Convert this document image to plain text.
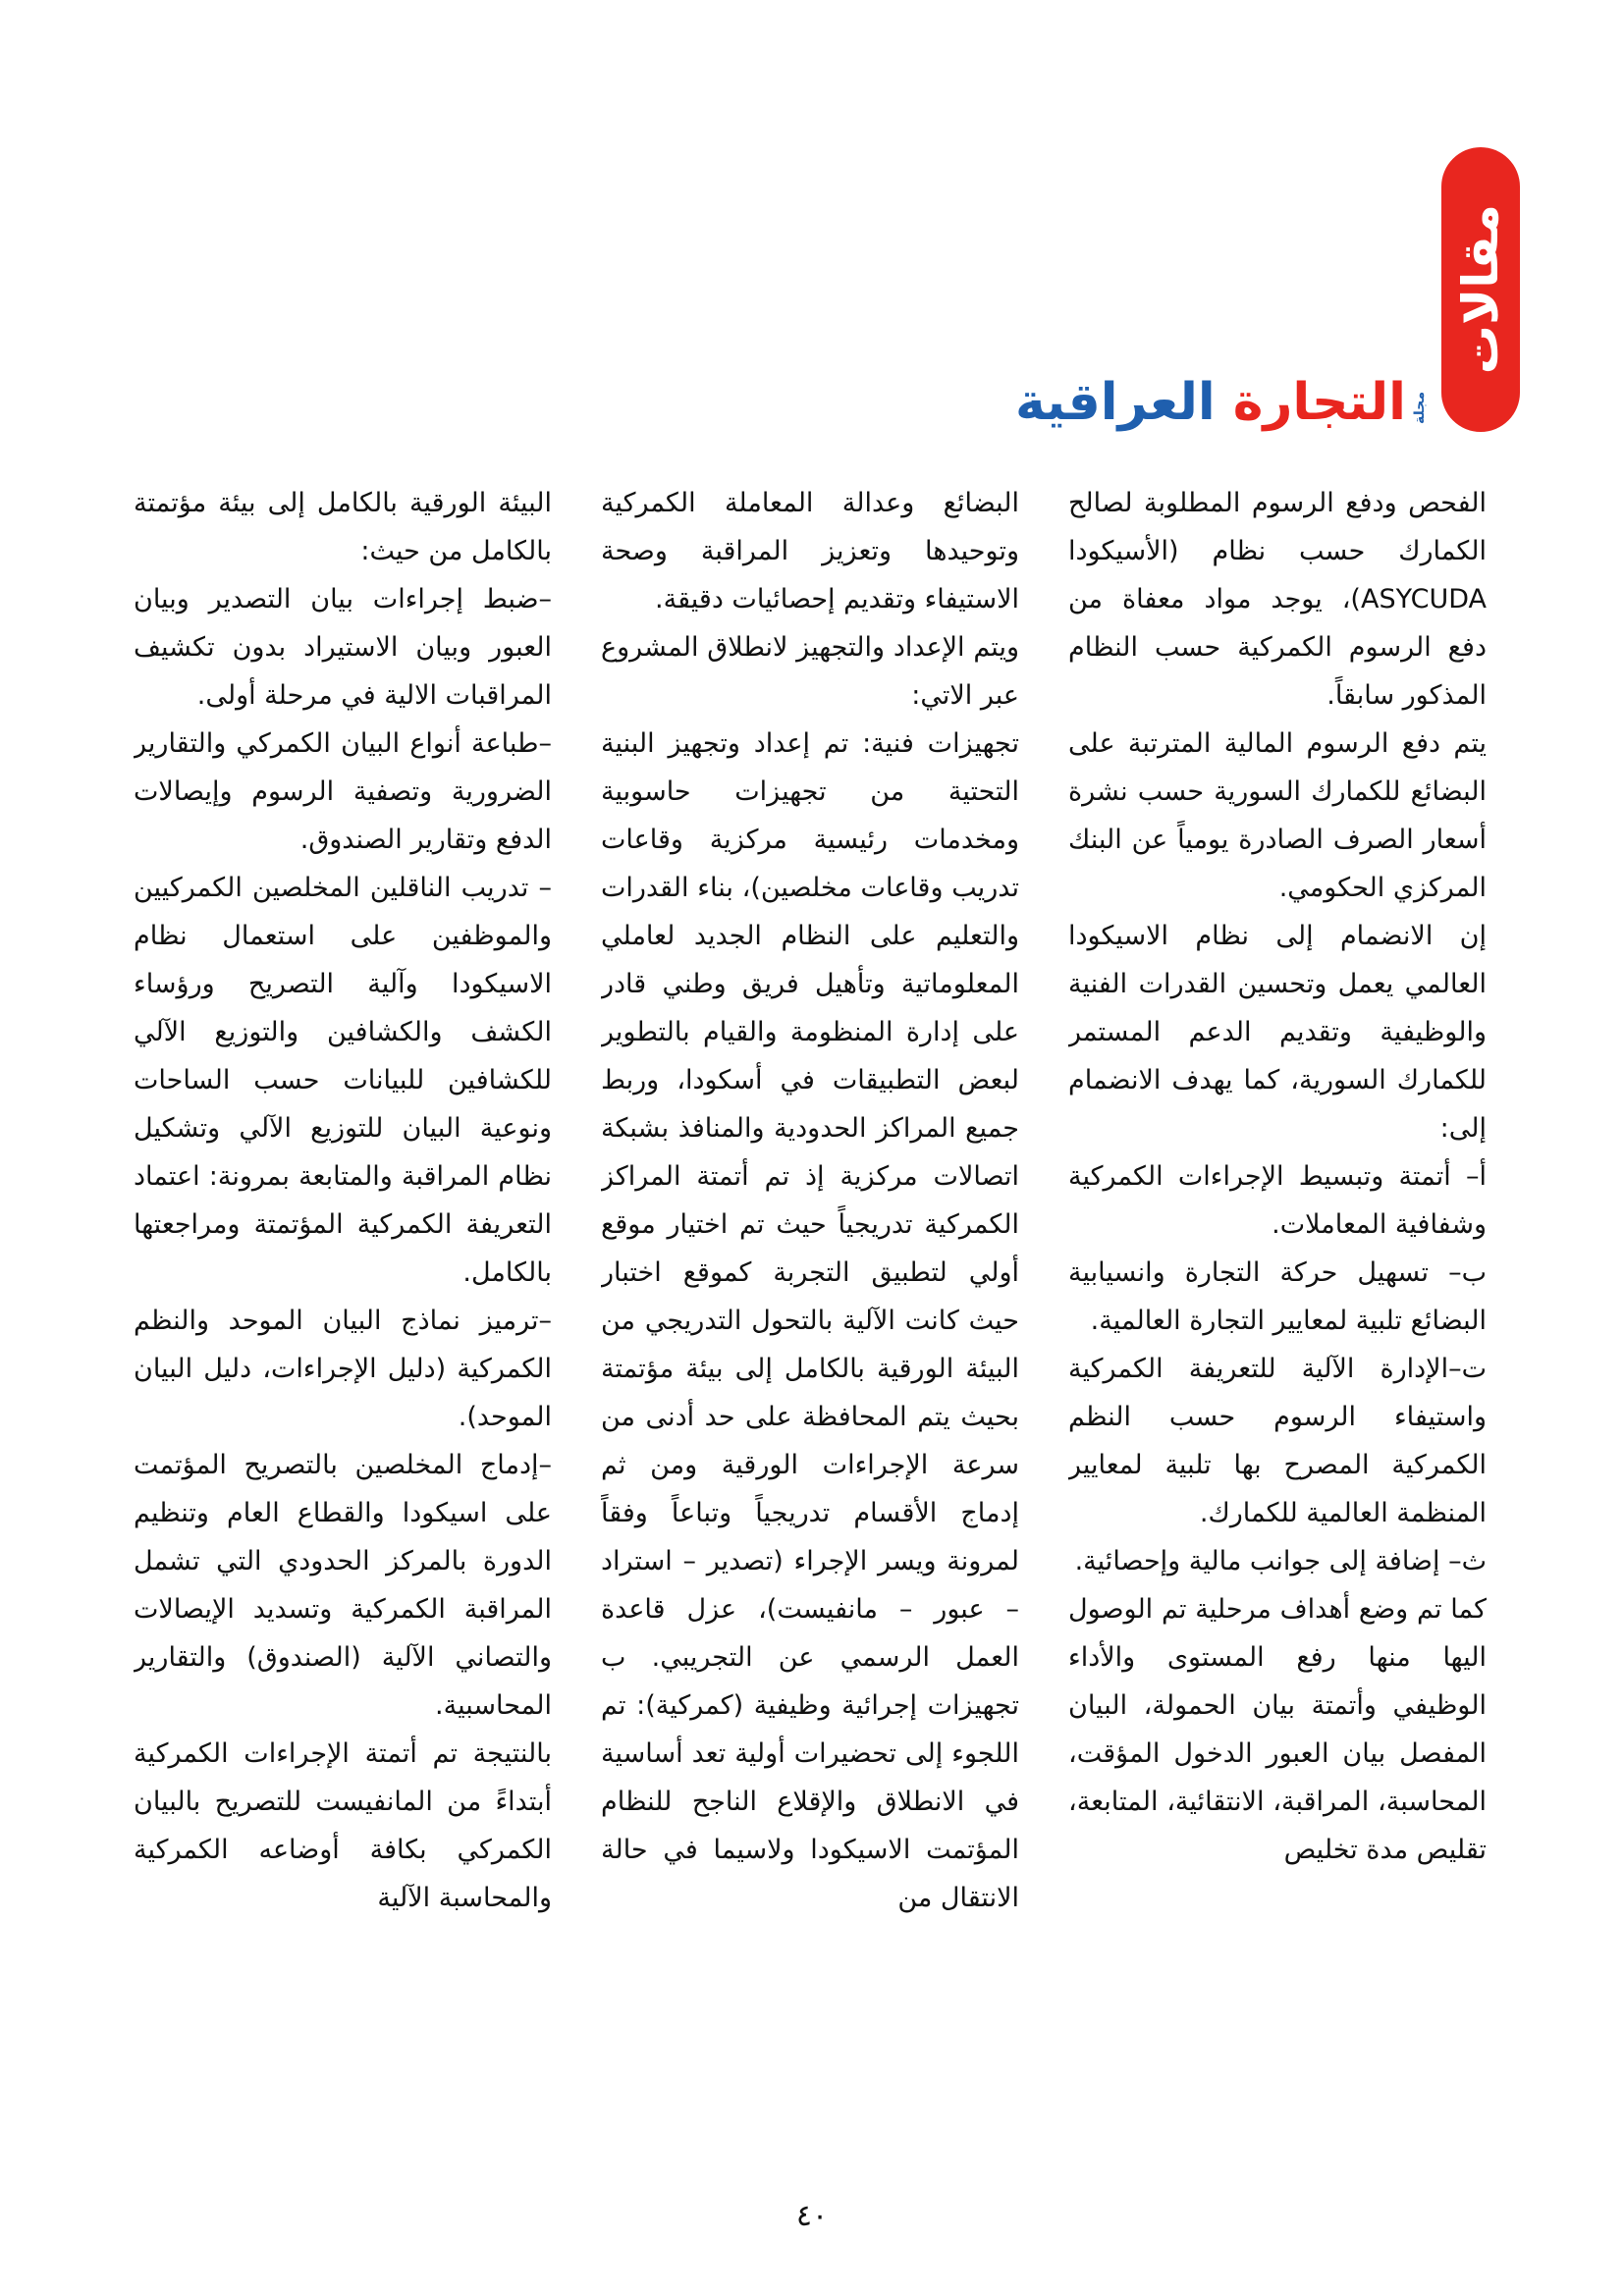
مقالات
مجلة
التجارة العراقية

الفحص ودفع الرسوم المطلوبة لصالح الكمارك حسب نظام (الأسيكودا ASYCUDA)، يوجد مواد معفاة من دفع الرسوم الكمركية حسب النظام المذكور سابقاً.

يتم دفع الرسوم المالية المترتبة على البضائع للكمارك السورية حسب نشرة أسعار الصرف الصادرة يومياً عن البنك المركزي الحكومي.

إن الانضمام إلى نظام الاسيكودا العالمي يعمل وتحسين القدرات الفنية والوظيفية وتقديم الدعم المستمر للكمارك السورية، كما يهدف الانضمام إلى:

أ– أتمتة وتبسيط الإجراءات الكمركية وشفافية المعاملات.

ب– تسهيل حركة التجارة وانسيابية البضائع تلبية لمعايير التجارة العالمية.

ت–الإدارة الآلية للتعريفة الكمركية واستيفاء الرسوم حسب النظم الكمركية المصرح بها تلبية لمعايير المنظمة العالمية للكمارك.

ث– إضافة إلى جوانب مالية وإحصائية.

كما تم وضع أهداف مرحلية تم الوصول اليها منها رفع المستوى والأداء الوظيفي وأتمتة بيان الحمولة، البيان المفصل بيان العبور الدخول المؤقت، المحاسبة، المراقبة، الانتقائية، المتابعة، تقليص مدة تخليص

البضائع وعدالة المعاملة الكمركية وتوحيدها وتعزيز المراقبة وصحة الاستيفاء وتقديم إحصائيات دقيقة.

ويتم الإعداد والتجهيز لانطلاق المشروع عبر الاتي:

تجهيزات فنية: تم إعداد وتجهيز البنية التحتية من تجهيزات حاسوبية ومخدمات رئيسية مركزية وقاعات تدريب وقاعات مخلصين)، بناء القدرات والتعليم على النظام الجديد لعاملي المعلوماتية وتأهيل فريق وطني قادر على إدارة المنظومة والقيام بالتطوير لبعض التطبيقات في أسكودا، وربط جميع المراكز الحدودية والمنافذ بشبكة اتصالات مركزية إذ تم أتمتة المراكز الكمركية تدريجياً حيث تم اختيار موقع أولي لتطبيق التجربة كموقع اختبار حيث كانت الآلية بالتحول التدريجي من البيئة الورقية بالكامل إلى بيئة مؤتمتة بحيث يتم المحافظة على حد أدنى من سرعة الإجراءات الورقية ومن ثم إدماج الأقسام تدريجياً وتباعاً وفقاً لمرونة ويسر الإجراء (تصدير – استراد – عبور – مانفيست)، عزل قاعدة العمل الرسمي عن التجريبي. ب تجهيزات إجرائية وظيفية (كمركية): تم اللجوء إلى تحضيرات أولية تعد أساسية في الانطلاق والإقلاع الناجح للنظام المؤتمت الاسيكودا ولاسيما في حالة الانتقال من

البيئة الورقية بالكامل إلى بيئة مؤتمتة بالكامل من حيث:

–ضبط إجراءات بيان التصدير وبيان العبور وبيان الاستيراد بدون تكشيف المراقبات الالية في مرحلة أولى.

–طباعة أنواع البيان الكمركي والتقارير الضرورية وتصفية الرسوم وإيصالات الدفع وتقارير الصندوق.

– تدريب الناقلين المخلصين الكمركيين والموظفين على استعمال نظام الاسيكودا وآلية التصريح ورؤساء الكشف والكشافين والتوزيع الآلي للكشافين للبيانات حسب الساحات ونوعية البيان للتوزيع الآلي وتشكيل نظام المراقبة والمتابعة بمرونة: اعتماد التعريفة الكمركية المؤتمتة ومراجعتها بالكامل.

–ترميز نماذج البيان الموحد والنظم الكمركية (دليل الإجراءات، دليل البيان الموحد).

–إدماج المخلصين بالتصريح المؤتمت على اسيكودا والقطاع العام وتنظيم الدورة بالمركز الحدودي التي تشمل المراقبة الكمركية وتسديد الإيصالات والتصاني الآلية (الصندوق) والتقارير المحاسبية.

بالنتيجة تم أتمتة الإجراءات الكمركية أبتداءً من المانفيست للتصريح بالبيان الكمركي بكافة أوضاعه الكمركية والمحاسبة الآلية

٤٠
